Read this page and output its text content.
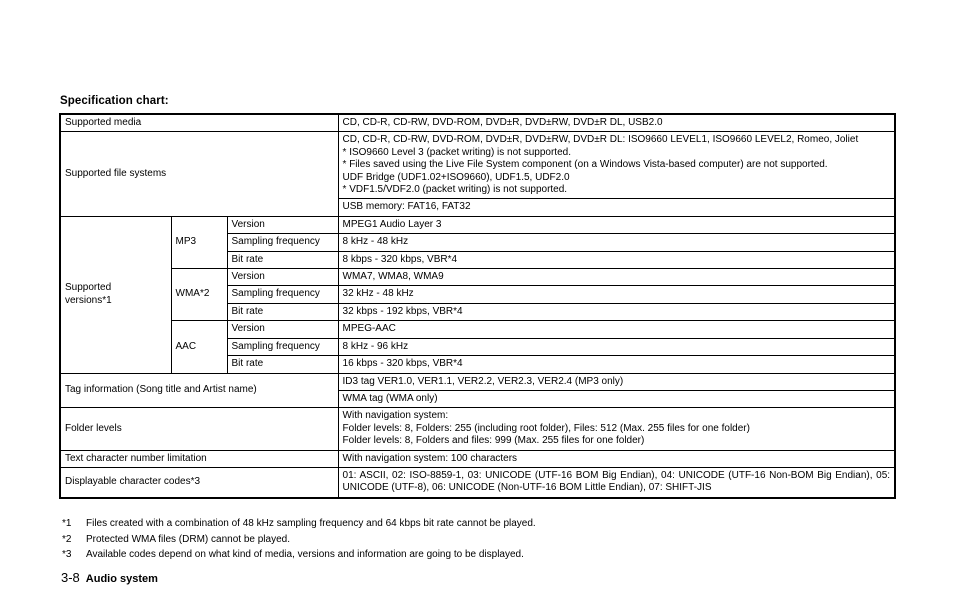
Specification chart:
Supported media			CD, CD-R, CD-RW, DVD-ROM, DVD±R, DVD±RW, DVD±R DL, USB2.0
Supported file systems			CD, CD-R, CD-RW, DVD-ROM, DVD±R, DVD±RW, DVD±R DL: ISO9660 LEVEL1, ISO9660 LEVEL2, Romeo, Joliet
* ISO9660 Level 3 (packet writing) is not supported.
* Files saved using the Live File System component (on a Windows Vista-based computer) are not supported.
UDF Bridge (UDF1.02+ISO9660), UDF1.5, UDF2.0
* VDF1.5/VDF2.0 (packet writing) is not supported.

			USB memory: FAT16, FAT32

Supported
versions*1	MP3	Version	MPEG1 Audio Layer 3
		Sampling frequency	8 kHz - 48 kHz
		Bit rate	8 kbps - 320 kbps, VBR*4
	WMA*2	Version	WMA7, WMA8, WMA9
		Sampling frequency	32 kHz - 48 kHz
		Bit rate	32 kbps - 192 kbps, VBR*4
	AAC	Version	MPEG-AAC
		Sampling frequency	8 kHz - 96 kHz
		Bit rate	16 kbps - 320 kbps, VBR*4
Tag information (Song title and Artist name)			ID3 tag VER1.0, VER1.1, VER2.2, VER2.3, VER2.4 (MP3 only)
			WMA tag (WMA only)
Folder levels			With navigation system:
Folder levels: 8, Folders: 255 (including root folder), Files: 512 (Max. 255 files for one folder)
Folder levels: 8, Folders and files: 999 (Max. 255 files for one folder)

Text character number limitation			With navigation system: 100 characters
Displayable character codes*3			01: ASCII, 02: ISO-8859-1, 03: UNICODE (UTF-16 BOM Big Endian), 04: UNICODE (UTF-16 Non-BOM Big Endian), 05: UNICODE (UTF-8), 06: UNICODE (Non-UTF-16 BOM Little Endian), 07: SHIFT-JIS
*1	Files created with a combination of 48 kHz sampling frequency and 64 kbps bit rate cannot be played.
*2	Protected WMA files (DRM) cannot be played.
*3	Available codes depend on what kind of media, versions and information are going to be displayed.
3-8 Audio system
